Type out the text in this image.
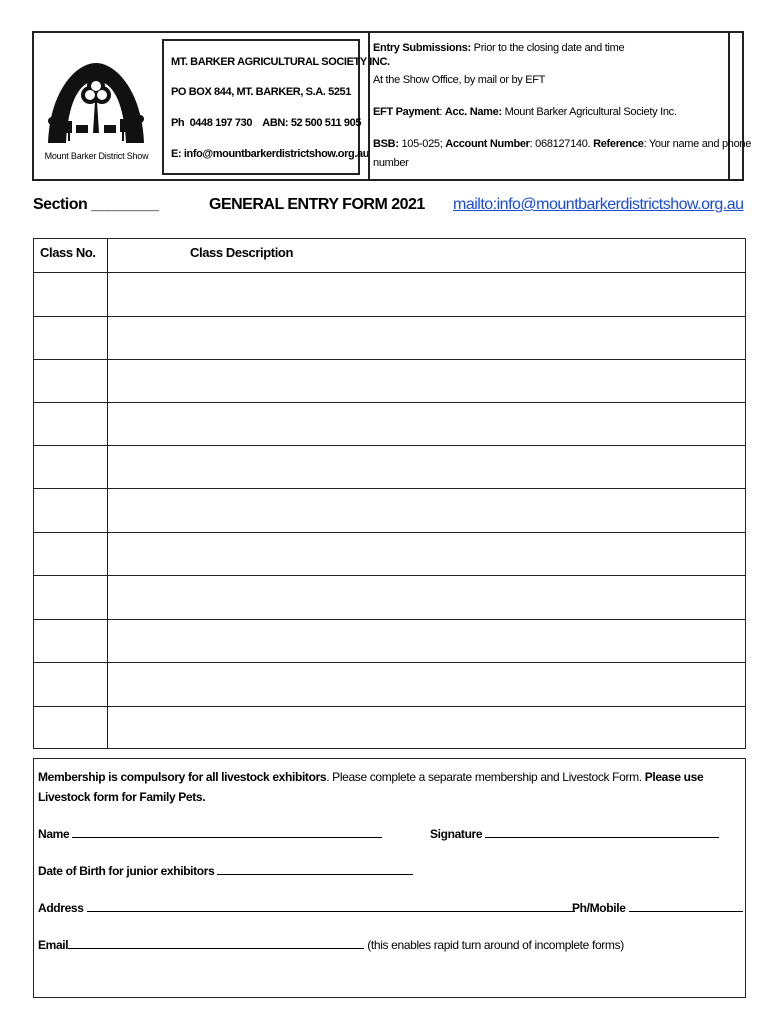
Mount Barker District Show
MT. BARKER AGRICULTURAL SOCIETY INC.
PO BOX 844, MT. BARKER, S.A. 5251
Ph  0448 197 730    ABN: 52 500 511 905
E: info@mountbarkerdistrictshow.org.au
Entry Submissions: Prior to the closing date and time
At the Show Office, by mail or by EFT
EFT Payment: Acc. Name: Mount Barker Agricultural Society Inc.
BSB: 105-025; Account Number: 068127140. Reference: Your name and phone
number
Section ________	GENERAL ENTRY FORM 2021 mailto:info@mountbarkerdistrictshow.org.au
Class No.	Class Description
Membership is compulsory for all livestock exhibitors. Please complete a separate membership and Livestock Form. Please use Livestock form for Family Pets.
Name	Signature
Date of Birth for junior exhibitors
Address	Ph/Mobile
Email	(this enables rapid turn around of incomplete forms)
